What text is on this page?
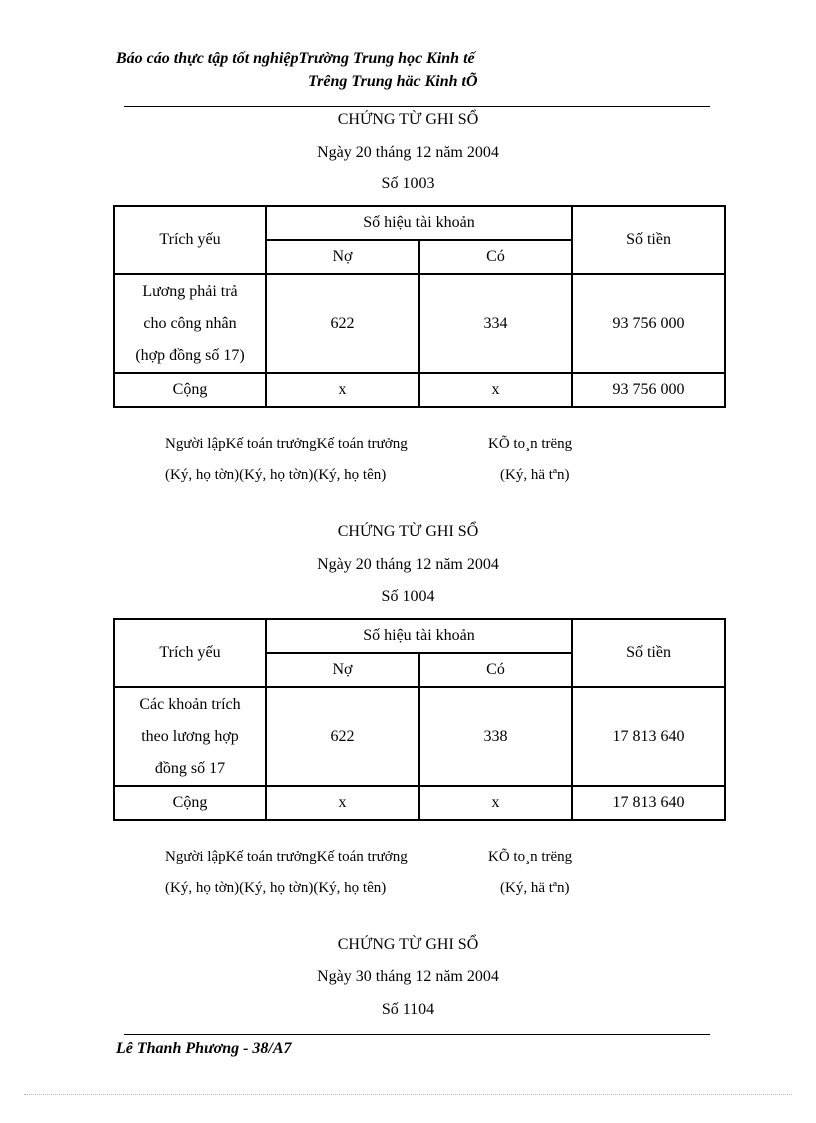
Báo cáo thực tập tốt nghiệpTrường Trung học Kinh tế
Trêng Trung häc Kinh tÕ
CHỨNG TỪ GHI SỔ
Ngày 20 tháng 12 năm 2004
Số 1003
Trích yếu	Số hiệu tài khoản		Số tiền
	Nợ	Có	

Lương phải trả
cho công nhân
(hợp đồng số 17)	622	334	93 756 000
Cộng	x	x	93 756 000
Người lậpKế toán trưởngKế toán trưởng	KÕ to¸n trëng
(Ký, họ tờn)(Ký, họ tờn)(Ký, họ tên)	(Ký, hä tªn)
CHỨNG TỪ GHI SỔ
Ngày 20 tháng 12 năm 2004
Số 1004
Trích yếu	Số hiệu tài khoản		Số tiền
	Nợ	Có	

Các khoản trích
theo lương hợp
đồng số 17	622	338	17 813 640
Cộng	x	x	17 813 640
Người lậpKế toán trưởngKế toán trưởng	KÕ to¸n trëng
(Ký, họ tờn)(Ký, họ tờn)(Ký, họ tên)	(Ký, hä tªn)
CHỨNG TỪ GHI SỔ
Ngày 30 tháng 12 năm 2004
Số 1104
Lê Thanh Phương - 38/A7
